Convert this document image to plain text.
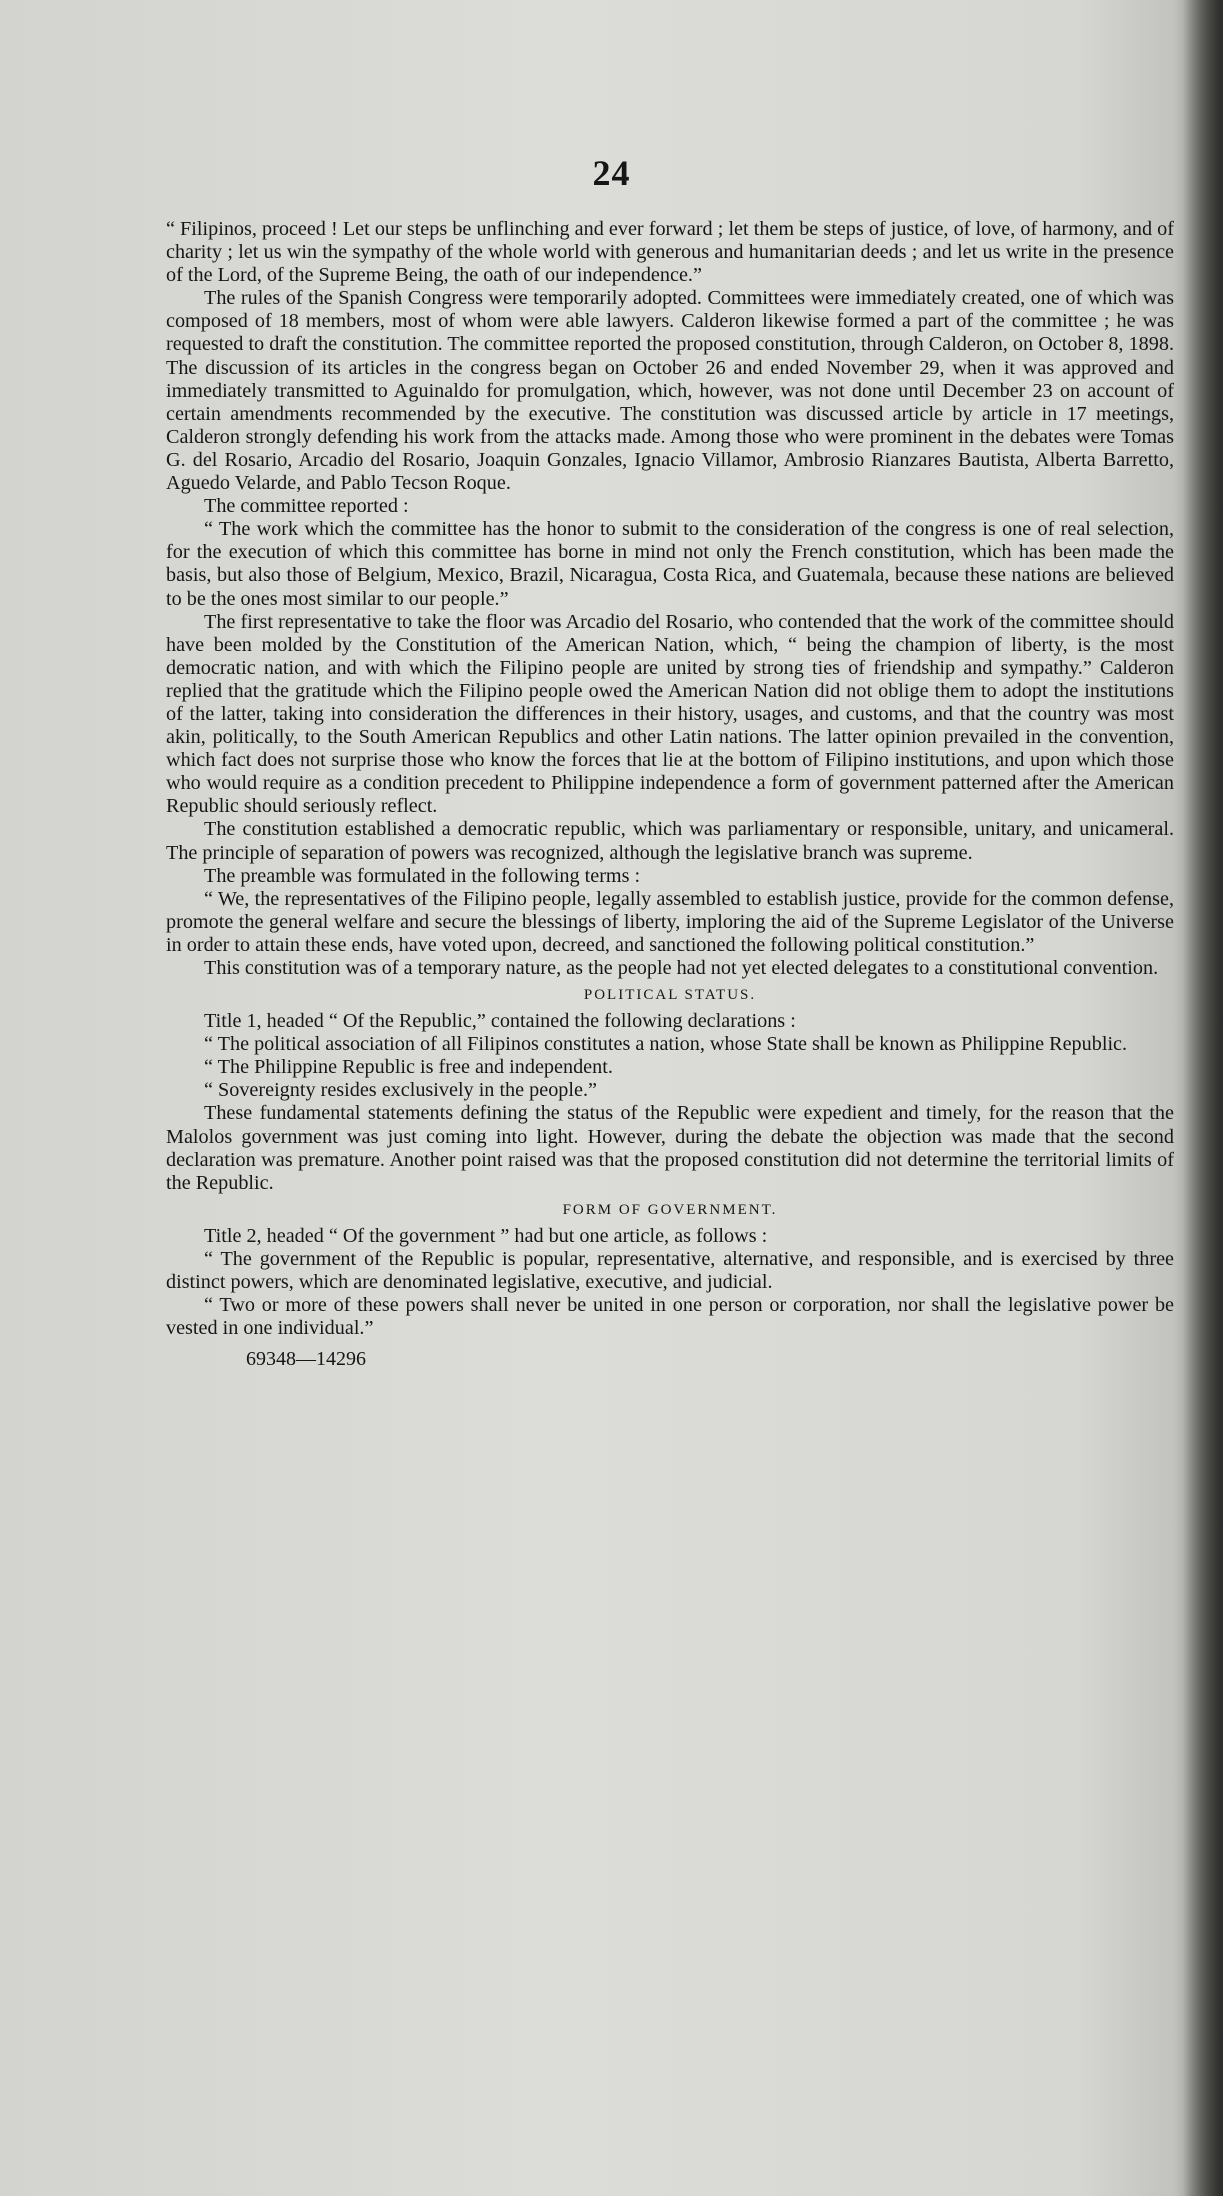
24

“ Filipinos, proceed ! Let our steps be unflinching and ever forward ; let them be steps of justice, of love, of harmony, and of charity ; let us win the sympathy of the whole world with generous and humanitarian deeds ; and let us write in the presence of the Lord, of the Supreme Being, the oath of our independence.”

The rules of the Spanish Congress were temporarily adopted. Committees were immediately created, one of which was composed of 18 members, most of whom were able lawyers. Calderon likewise formed a part of the committee ; he was requested to draft the constitution. The committee reported the proposed constitution, through Calderon, on October 8, 1898. The discussion of its articles in the congress began on October 26 and ended November 29, when it was approved and immediately transmitted to Aguinaldo for promulgation, which, however, was not done until December 23 on account of certain amendments recommended by the executive. The constitution was discussed article by article in 17 meetings, Calderon strongly defending his work from the attacks made. Among those who were prominent in the debates were Tomas G. del Rosario, Arcadio del Rosario, Joaquin Gonzales, Ignacio Villamor, Ambrosio Rianzares Bautista, Alberta Barretto, Aguedo Velarde, and Pablo Tecson Roque.

The committee reported :

“ The work which the committee has the honor to submit to the consideration of the congress is one of real selection, for the execution of which this committee has borne in mind not only the French constitution, which has been made the basis, but also those of Belgium, Mexico, Brazil, Nicaragua, Costa Rica, and Guatemala, because these nations are believed to be the ones most similar to our people.”

The first representative to take the floor was Arcadio del Rosario, who contended that the work of the committee should have been molded by the Constitution of the American Nation, which, “ being the champion of liberty, is the most democratic nation, and with which the Filipino people are united by strong ties of friendship and sympathy.” Calderon replied that the gratitude which the Filipino people owed the American Nation did not oblige them to adopt the institutions of the latter, taking into consideration the differences in their history, usages, and customs, and that the country was most akin, politically, to the South American Republics and other Latin nations. The latter opinion prevailed in the convention, which fact does not surprise those who know the forces that lie at the bottom of Filipino institutions, and upon which those who would require as a condition precedent to Philippine independence a form of government patterned after the American Republic should seriously reflect.

The constitution established a democratic republic, which was parliamentary or responsible, unitary, and unicameral. The principle of separation of powers was recognized, although the legislative branch was supreme.

The preamble was formulated in the following terms :

“ We, the representatives of the Filipino people, legally assembled to establish justice, provide for the common defense, promote the general welfare and secure the blessings of liberty, imploring the aid of the Supreme Legislator of the Universe in order to attain these ends, have voted upon, decreed, and sanctioned the following political constitution.”

This constitution was of a temporary nature, as the people had not yet elected delegates to a constitutional convention.

POLITICAL STATUS.

Title 1, headed “ Of the Republic,” contained the following declarations :

“ The political association of all Filipinos constitutes a nation, whose State shall be known as Philippine Republic.

“ The Philippine Republic is free and independent.

“ Sovereignty resides exclusively in the people.”

These fundamental statements defining the status of the Republic were expedient and timely, for the reason that the Malolos government was just coming into light. However, during the debate the objection was made that the second declaration was premature. Another point raised was that the proposed constitution did not determine the territorial limits of the Republic.

FORM OF GOVERNMENT.

Title 2, headed “ Of the government ” had but one article, as follows :

“ The government of the Republic is popular, representative, alternative, and responsible, and is exercised by three distinct powers, which are denominated legislative, executive, and judicial.

“ Two or more of these powers shall never be united in one person or corporation, nor shall the legislative power be vested in one individual.”

69348—14296
